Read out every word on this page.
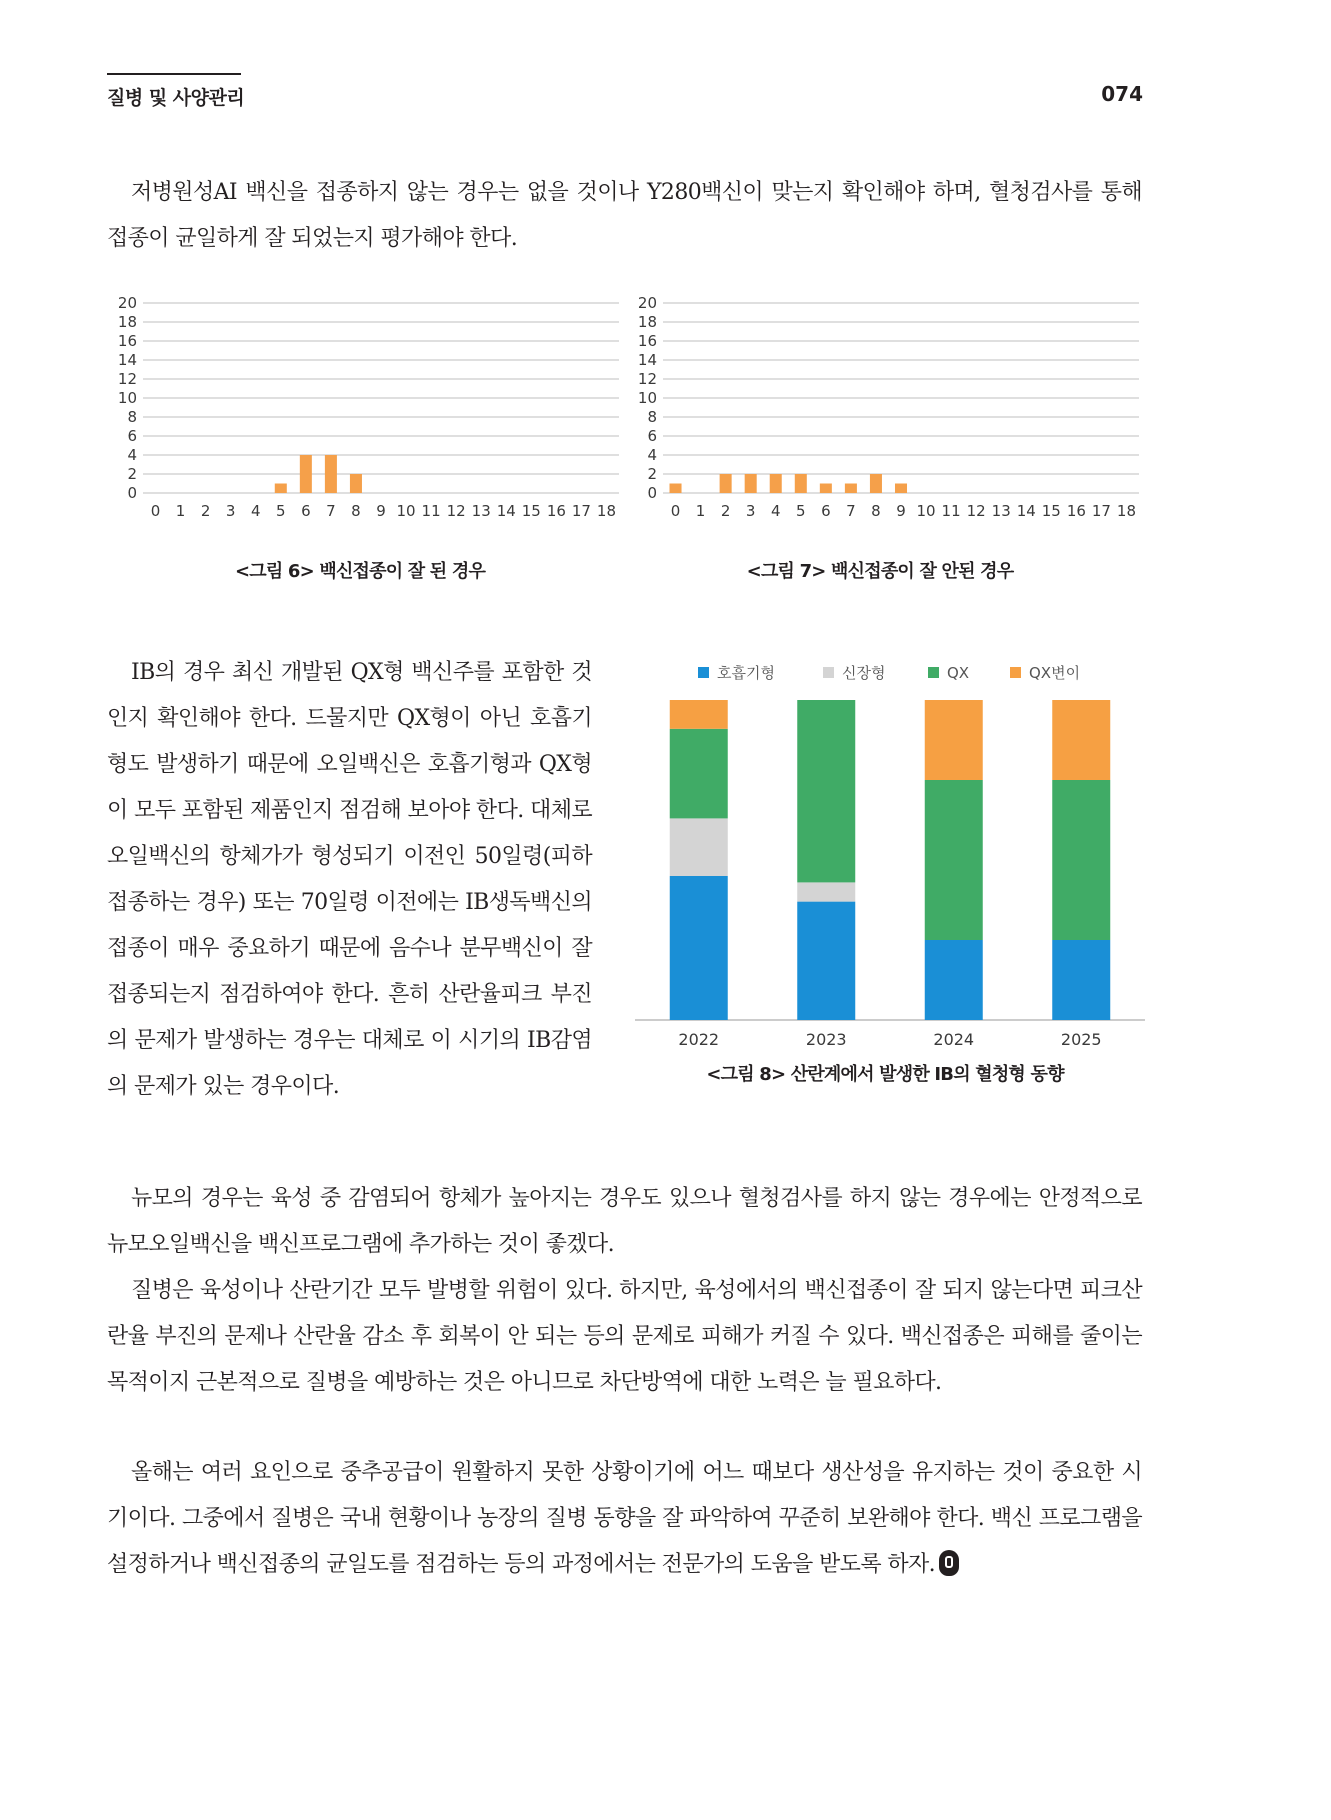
질병 및 사양관리	074

저병원성AI 백신을 접종하지 않는 경우는 없을 것이나 Y280백신이 맞는지 확인해야 하며, 혈청검사를 통해 접종이 균일하게 잘 되었는지 평가해야 한다.

0
2
4
6
8
10
12
14
16
18
20
0 1 2 3 4 5 6 7 8 9 10 11 12 13 14 15 16 17 18
<그림 6> 백신접종이 잘 된 경우
0
2
4
6
8
10
12
14
16
18
20
0 1 2 3 4 5 6 7 8 9 10 11 12 13 14 15 16 17 18
<그림 7> 백신접종이 잘 안된 경우

IB의 경우 최신 개발된 QX형 백신주를 포함한 것인지 확인해야 한다. 드물지만 QX형이 아닌 호흡기형도 발생하기 때문에 오일백신은 호흡기형과 QX형이 모두 포함된 제품인지 점검해 보아야 한다. 대체로 오일백신의 항체가가 형성되기 이전인 50일령(피하접종하는 경우) 또는 70일령 이전에는 IB생독백신의 접종이 매우 중요하기 때문에 음수나 분무백신이 잘 접종되는지 점검하여야 한다. 흔히 산란율피크 부진의 문제가 발생하는 경우는 대체로 이 시기의 IB감염의 문제가 있는 경우이다.

호흡기형	신장형	QX	QX변이
2022	2023	2024	2025
<그림 8> 산란계에서 발생한 IB의 혈청형 동향

뉴모의 경우는 육성 중 감염되어 항체가 높아지는 경우도 있으나 혈청검사를 하지 않는 경우에는 안정적으로 뉴모오일백신을 백신프로그램에 추가하는 것이 좋겠다.

질병은 육성이나 산란기간 모두 발병할 위험이 있다. 하지만, 육성에서의 백신접종이 잘 되지 않는다면 피크산란율 부진의 문제나 산란율 감소 후 회복이 안 되는 등의 문제로 피해가 커질 수 있다. 백신접종은 피해를 줄이는 목적이지 근본적으로 질병을 예방하는 것은 아니므로 차단방역에 대한 노력은 늘 필요하다.

올해는 여러 요인으로 중추공급이 원활하지 못한 상황이기에 어느 때보다 생산성을 유지하는 것이 중요한 시기이다. 그중에서 질병은 국내 현황이나 농장의 질병 동향을 잘 파악하여 꾸준히 보완해야 한다. 백신 프로그램을 설정하거나 백신접종의 균일도를 점검하는 등의 과정에서는 전문가의 도움을 받도록 하자.
